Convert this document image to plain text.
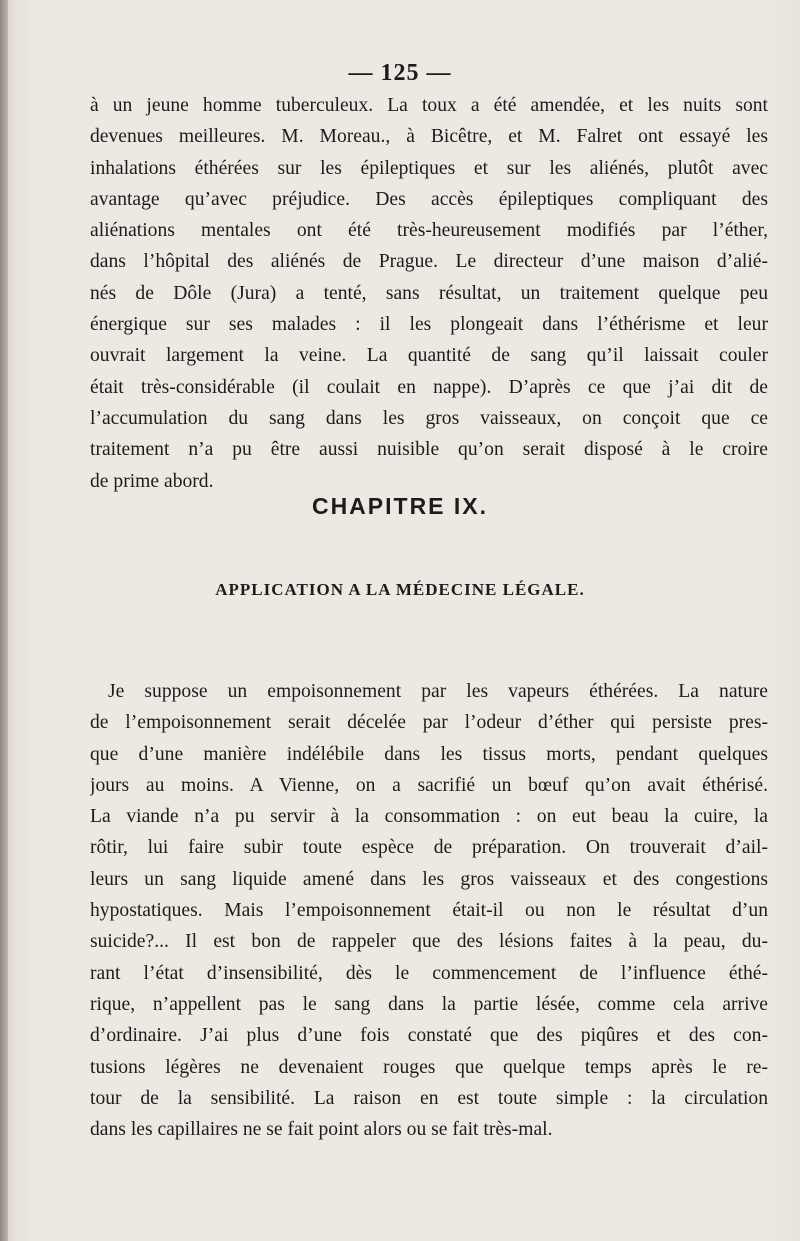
— 125 —
à un jeune homme tuberculeux. La toux a été amendée, et les nuits sont
devenues meilleures. M. Moreau., à Bicêtre, et M. Falret ont essayé les
inhalations éthérées sur les épileptiques et sur les aliénés, plutôt avec
avantage qu’avec préjudice. Des accès épileptiques compliquant des
aliénations mentales ont été très-heureusement modifiés par l’éther,
dans l’hôpital des aliénés de Prague. Le directeur d’une maison d’alié-
nés de Dôle (Jura) a tenté, sans résultat, un traitement quelque peu
énergique sur ses malades : il les plongeait dans l’éthérisme et leur
ouvrait largement la veine. La quantité de sang qu’il laissait couler
était très-considérable (il coulait en nappe). D’après ce que j’ai dit de
l’accumulation du sang dans les gros vaisseaux, on conçoit que ce
traitement n’a pu être aussi nuisible qu’on serait disposé à le croire
de prime abord.
CHAPITRE IX.
APPLICATION A LA MÉDECINE LÉGALE.
Je suppose un empoisonnement par les vapeurs éthérées. La nature
de l’empoisonnement serait décelée par l’odeur d’éther qui persiste pres-
que d’une manière indélébile dans les tissus morts, pendant quelques
jours au moins. A Vienne, on a sacrifié un bœuf qu’on avait éthérisé.
La viande n’a pu servir à la consommation : on eut beau la cuire, la
rôtir, lui faire subir toute espèce de préparation. On trouverait d’ail-
leurs un sang liquide amené dans les gros vaisseaux et des congestions
hypostatiques. Mais l’empoisonnement était-il ou non le résultat d’un
suicide?... Il est bon de rappeler que des lésions faites à la peau, du-
rant l’état d’insensibilité, dès le commencement de l’influence éthé-
rique, n’appellent pas le sang dans la partie lésée, comme cela arrive
d’ordinaire. J’ai plus d’une fois constaté que des piqûres et des con-
tusions légères ne devenaient rouges que quelque temps après le re-
tour de la sensibilité. La raison en est toute simple : la circulation
dans les capillaires ne se fait point alors ou se fait très-mal.
